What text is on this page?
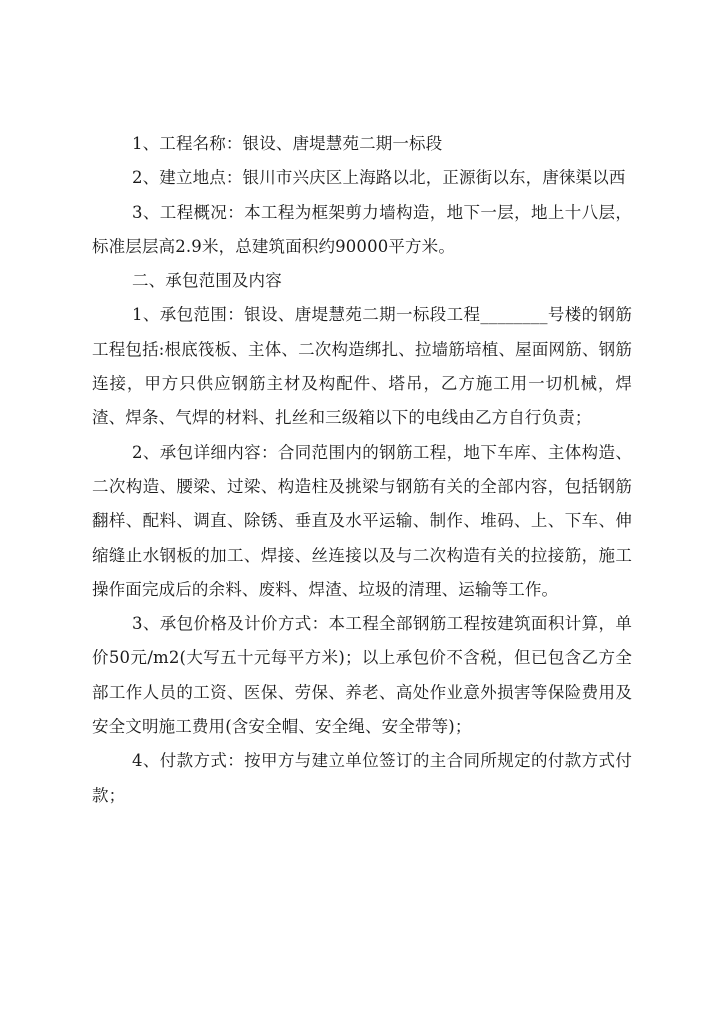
1、工程名称：银设、唐堤慧苑二期一标段

2、建立地点：银川市兴庆区上海路以北，正源街以东，唐徕渠以西

3、工程概况：本工程为框架剪力墙构造，地下一层，地上十八层，标准层层高2.9米，总建筑面积约90000平方米。

二、承包范围及内容

1、承包范围：银设、唐堤慧苑二期一标段工程________号楼的钢筋工程包括:根底筏板、主体、二次构造绑扎、拉墙筋培植、屋面网筋、钢筋连接，甲方只供应钢筋主材及构配件、塔吊，乙方施工用一切机械，焊渣、焊条、气焊的材料、扎丝和三级箱以下的电线由乙方自行负责；

2、承包详细内容：合同范围内的钢筋工程，地下车库、主体构造、二次构造、腰梁、过梁、构造柱及挑梁与钢筋有关的全部内容，包括钢筋翻样、配料、调直、除锈、垂直及水平运输、制作、堆码、上、下车、伸缩缝止水钢板的加工、焊接、丝连接以及与二次构造有关的拉接筋，施工操作面完成后的余料、废料、焊渣、垃圾的清理、运输等工作。

3、承包价格及计价方式：本工程全部钢筋工程按建筑面积计算，单价50元/m2(大写五十元每平方米)；以上承包价不含税，但已包含乙方全部工作人员的工资、医保、劳保、养老、高处作业意外损害等保险费用及安全文明施工费用(含安全帽、安全绳、安全带等)；

4、付款方式：按甲方与建立单位签订的主合同所规定的付款方式付款；
